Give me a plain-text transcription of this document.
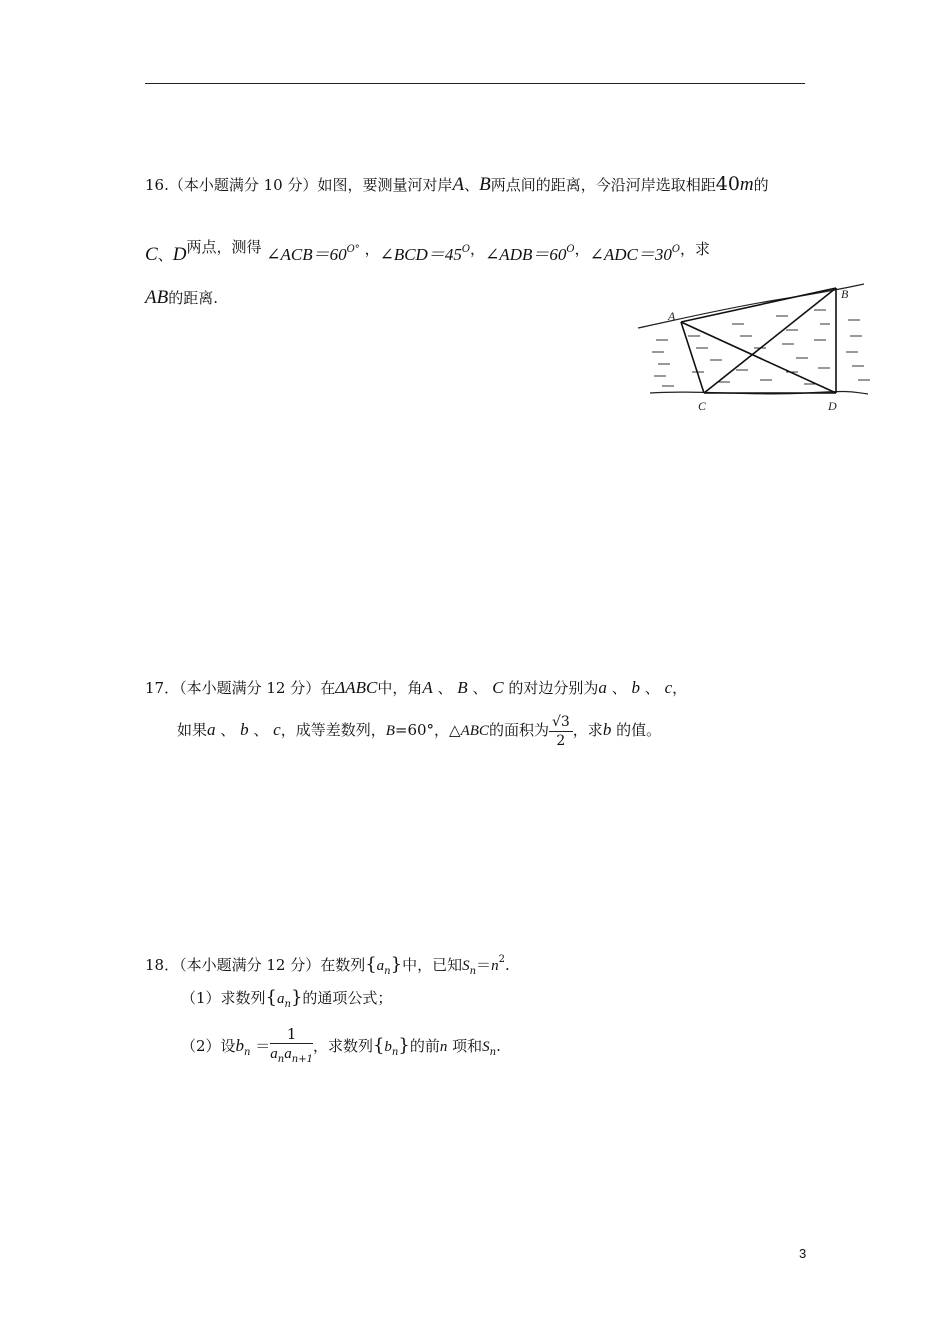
16.（本小题满分 10 分）如图，要测量河对岸A、B两点间的距离，今沿河岸选取相距40m的
C、D两点，测得 $\angle ACB=60^{O^\circ}$ ，$\angle BCD=45^O$，$\angle ADB=60^O$，$\angle ADC=30^O$，求
AB的距离.
A
B
C	D
17．（本小题满分 12 分）在ΔABC中，角A 、 B 、 C 的对边分别为a 、 b 、 c，
如果a 、 b 、 c，成等差数列，B=60°，△ABC的面积为 $\frac{√3}{2}$ ，求b 的值。
18．（本小题满分 12 分）在数列$\{a_n\}$中，已知$S_n=n^2$.
（1）求数列$\{a_n\}$的通项公式；
（2）设$b_n = \frac{1}{a_na_{n+1}}$ ，求数列$\{b_n\}$的前n 项和$S_n$.
3
